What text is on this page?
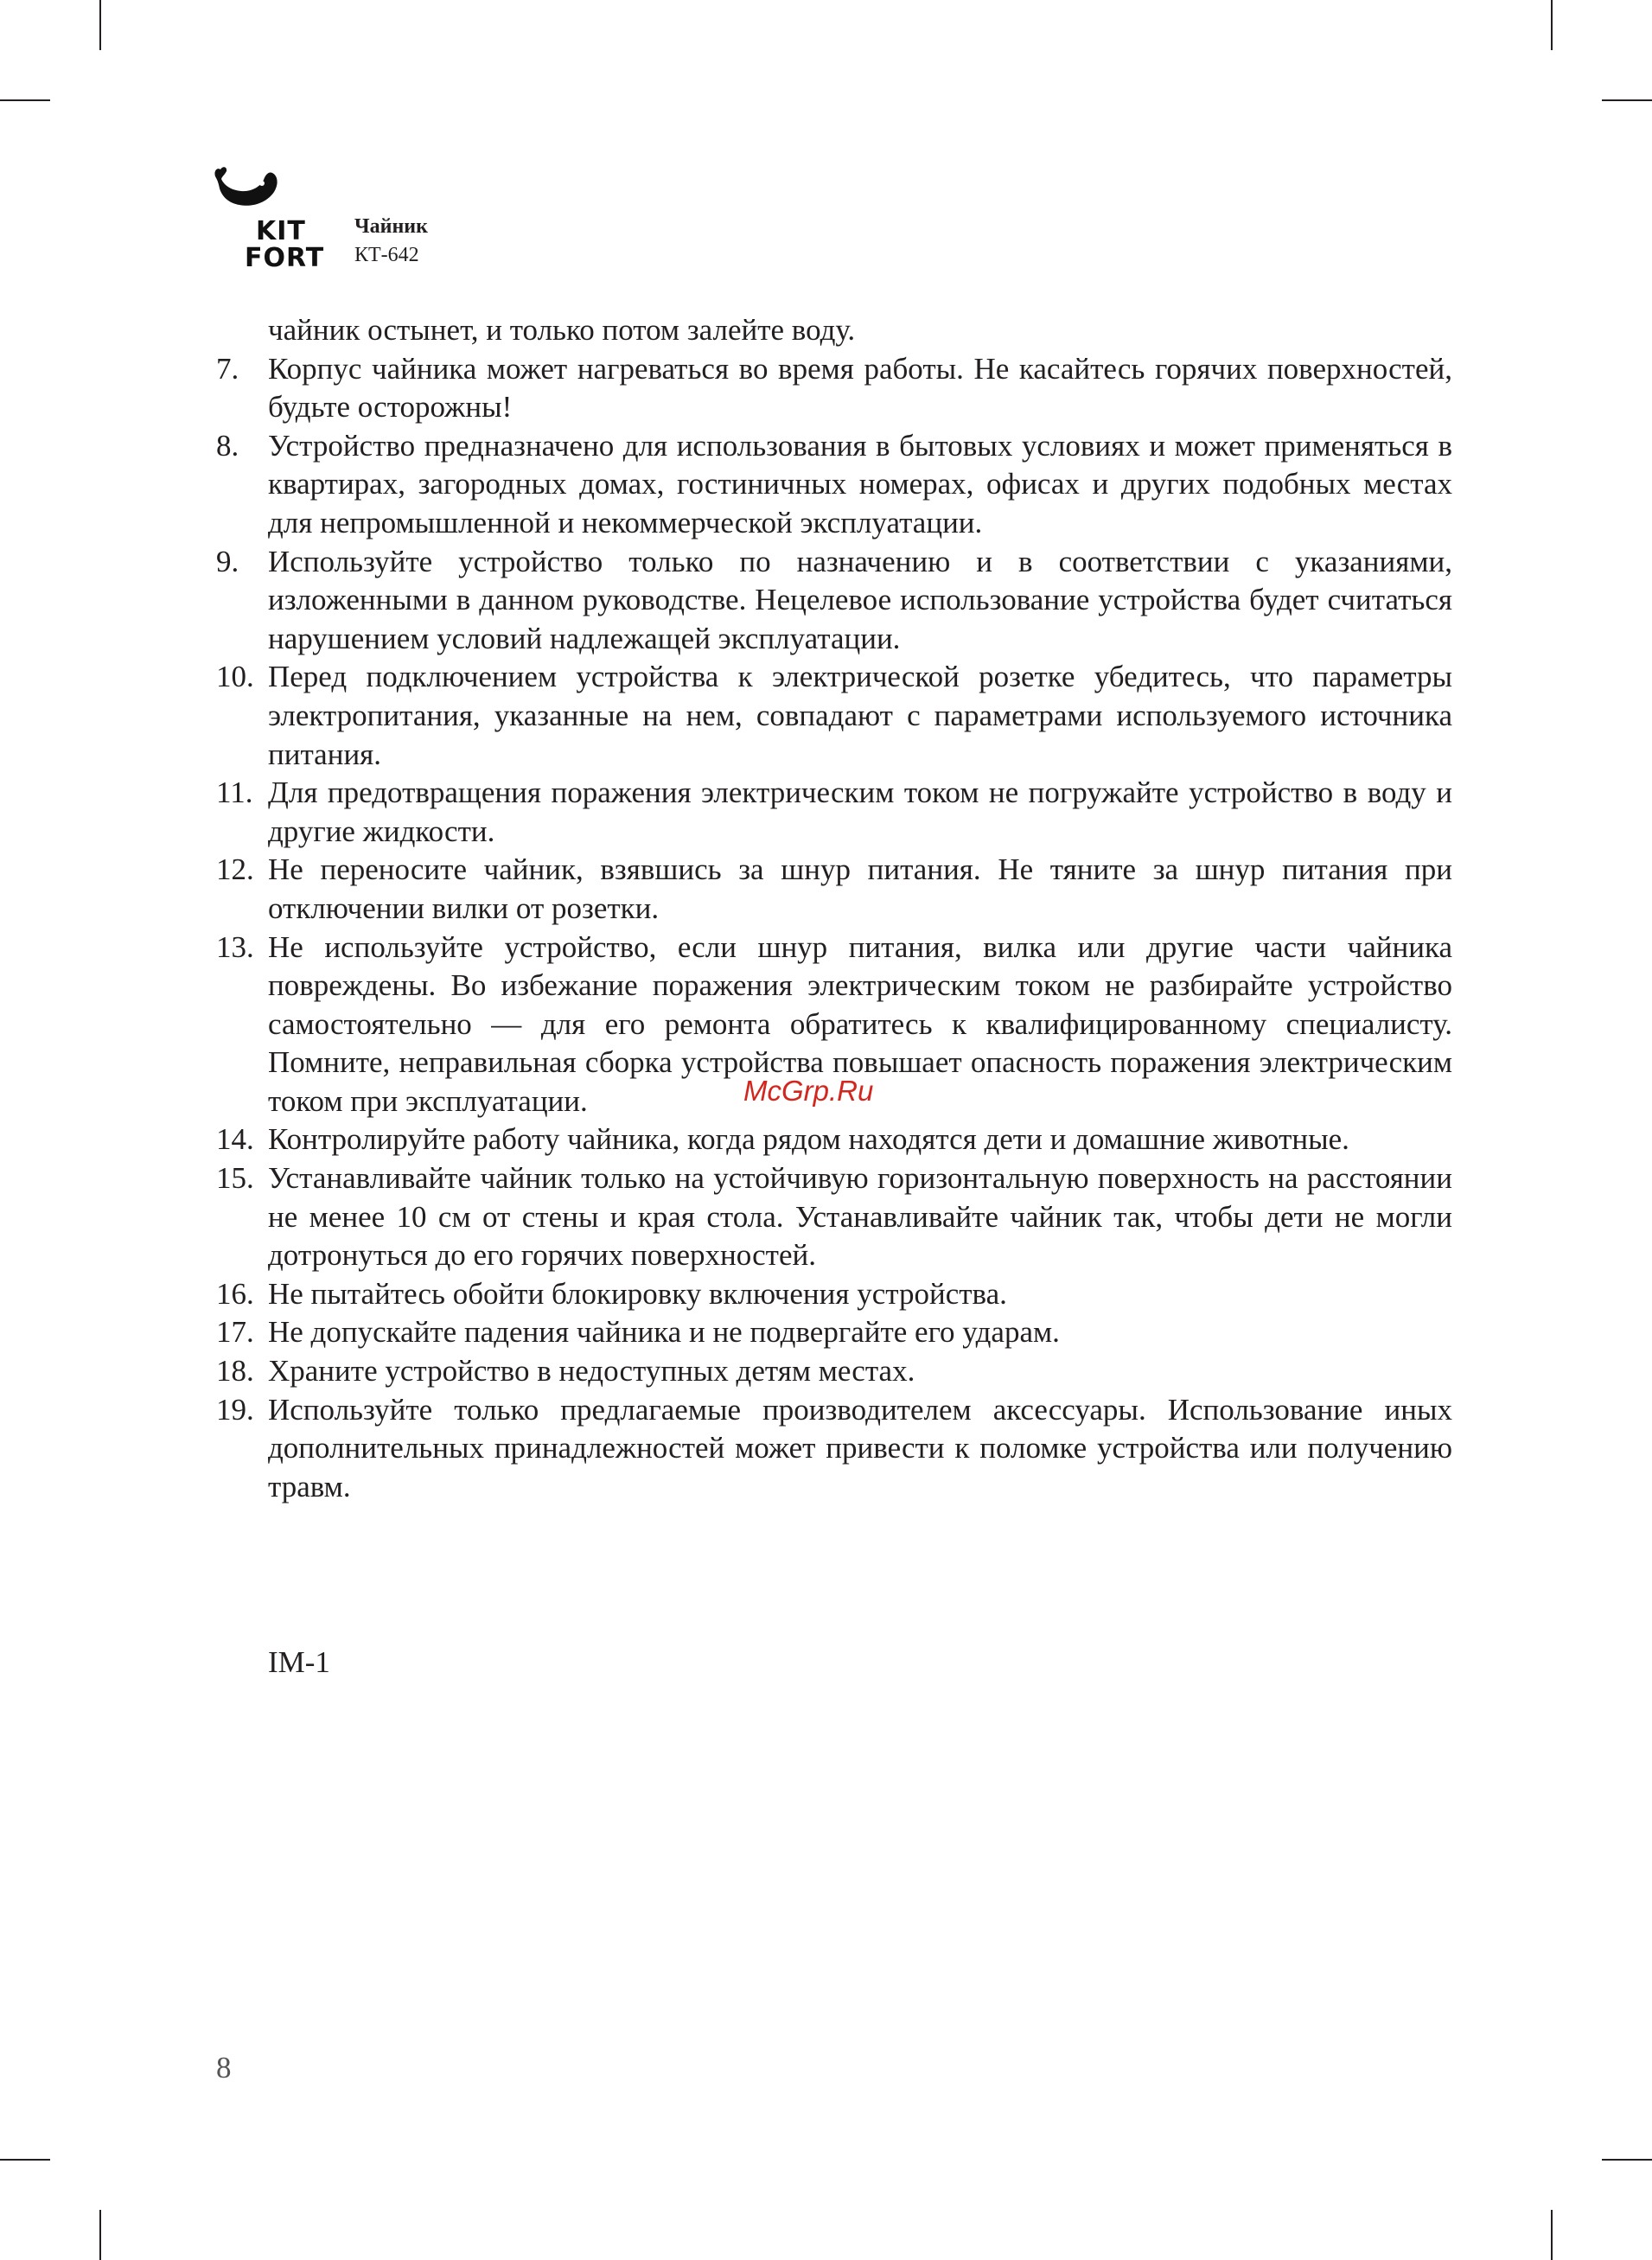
KIT
FORT
Чайник
КТ-642
чайник остынет, и только потом залейте воду.
7. Корпус чайника может нагреваться во время работы. Не касайтесь горячих поверхностей, будьте осторожны!
8. Устройство предназначено для использования в бытовых условиях и может применяться в квартирах, загородных домах, гостиничных номерах, офисах и других подобных местах для непромышленной и некоммерческой эксплуатации.
9. Используйте устройство только по назначению и в соответствии с указаниями, изложенными в данном руководстве. Нецелевое использование устройства будет считаться нарушением условий надлежащей эксплуатации.
10. Перед подключением устройства к электрической розетке убедитесь, что параметры электропитания, указанные на нем, совпадают с параметрами используемого источника питания.
11. Для предотвращения поражения электрическим током не погружайте устройство в воду и другие жидкости.
12. Не переносите чайник, взявшись за шнур питания. Не тяните за шнур питания при отключении вилки от розетки.
13. Не используйте устройство, если шнур питания, вилка или другие части чайника повреждены. Во избежание поражения электрическим током не разбирайте устройство самостоятельно — для его ремонта обратитесь к квалифицированному специалисту. Помните, неправильная сборка устройства повышает опасность поражения электрическим током при эксплуатации.
14. Контролируйте работу чайника, когда рядом находятся дети и домашние животные.
15. Устанавливайте чайник только на устойчивую горизонтальную поверхность на расстоянии не менее 10 см от стены и края стола. Устанавливайте чайник так, чтобы дети не могли дотронуться до его горячих поверхностей.
16. Не пытайтесь обойти блокировку включения устройства.
17. Не допускайте падения чайника и не подвергайте его ударам.
18. Храните устройство в недоступных детям местах.
19. Используйте только предлагаемые производителем аксессуары. Использование иных дополнительных принадлежностей может привести к поломке устройства или получению травм.
McGrp.Ru
IM-1
8
